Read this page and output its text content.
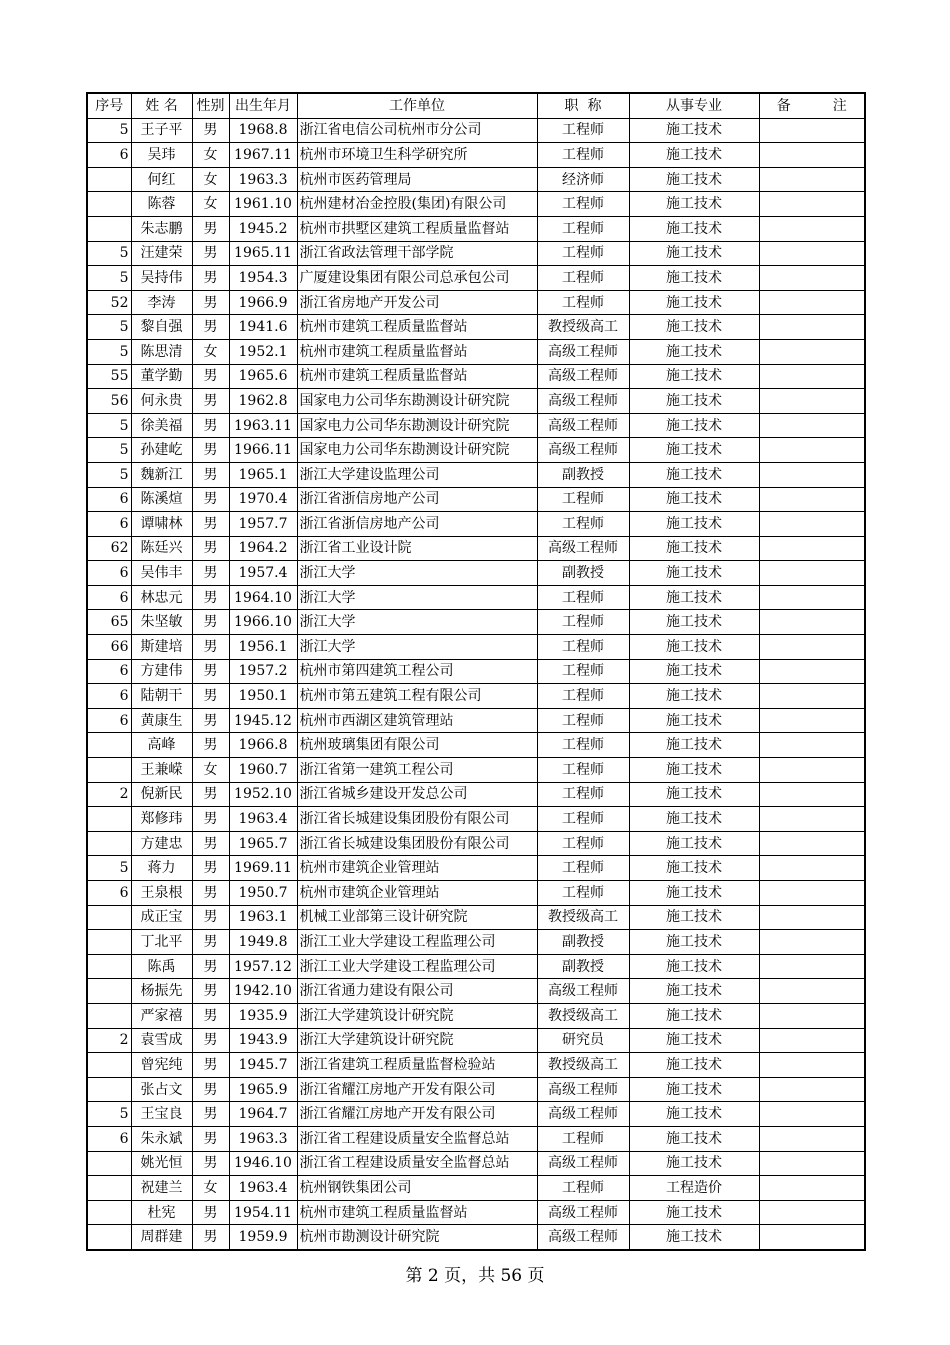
序号	姓 名	性别	出生年月	工作单位	职  称	从事专业	备 注
5	王子平	男	1968.8	浙江省电信公司杭州市分公司	工程师	施工技术	
6	吴玮	女	1967.11	杭州市环境卫生科学研究所	工程师	施工技术	
	何红	女	1963.3	杭州市医药管理局	经济师	施工技术	
	陈蓉	女	1961.10	杭州建材冶金控股(集团)有限公司	工程师	施工技术	
	朱志鹏	男	1945.2	杭州市拱墅区建筑工程质量监督站	工程师	施工技术	
5	汪建荣	男	1965.11	浙江省政法管理干部学院	工程师	施工技术	
5	吴持伟	男	1954.3	广厦建设集团有限公司总承包公司	工程师	施工技术	
52	李涛	男	1966.9	浙江省房地产开发公司	工程师	施工技术	
5	黎自强	男	1941.6	杭州市建筑工程质量监督站	教授级高工	施工技术	
5	陈思清	女	1952.1	杭州市建筑工程质量监督站	高级工程师	施工技术	
55	董学勤	男	1965.6	杭州市建筑工程质量监督站	高级工程师	施工技术	
56	何永贵	男	1962.8	国家电力公司华东勘测设计研究院	高级工程师	施工技术	
5	徐美福	男	1963.11	国家电力公司华东勘测设计研究院	高级工程师	施工技术	
5	孙建屹	男	1966.11	国家电力公司华东勘测设计研究院	高级工程师	施工技术	
5	魏新江	男	1965.1	浙江大学建设监理公司	副教授	施工技术	
6	陈溪煊	男	1970.4	浙江省浙信房地产公司	工程师	施工技术	
6	谭啸林	男	1957.7	浙江省浙信房地产公司	工程师	施工技术	
62	陈廷兴	男	1964.2	浙江省工业设计院	高级工程师	施工技术	
6	吴伟丰	男	1957.4	浙江大学	副教授	施工技术	
6	林忠元	男	1964.10	浙江大学	工程师	施工技术	
65	朱坚敏	男	1966.10	浙江大学	工程师	施工技术	
66	斯建培	男	1956.1	浙江大学	工程师	施工技术	
6	方建伟	男	1957.2	杭州市第四建筑工程公司	工程师	施工技术	
6	陆朝干	男	1950.1	杭州市第五建筑工程有限公司	工程师	施工技术	
6	黄康生	男	1945.12	杭州市西湖区建筑管理站	工程师	施工技术	
	高峰	男	1966.8	杭州玻璃集团有限公司	工程师	施工技术	
	王兼嵘	女	1960.7	浙江省第一建筑工程公司	工程师	施工技术	
2	倪新民	男	1952.10	浙江省城乡建设开发总公司	工程师	施工技术	
	郑修玮	男	1963.4	浙江省长城建设集团股份有限公司	工程师	施工技术	
	方建忠	男	1965.7	浙江省长城建设集团股份有限公司	工程师	施工技术	
5	蒋力	男	1969.11	杭州市建筑企业管理站	工程师	施工技术	
6	王泉根	男	1950.7	杭州市建筑企业管理站	工程师	施工技术	
	成正宝	男	1963.1	机械工业部第三设计研究院	教授级高工	施工技术	
	丁北平	男	1949.8	浙江工业大学建设工程监理公司	副教授	施工技术	
	陈禹	男	1957.12	浙江工业大学建设工程监理公司	副教授	施工技术	
	杨振先	男	1942.10	浙江省通力建设有限公司	高级工程师	施工技术	
	严家禧	男	1935.9	浙江大学建筑设计研究院	教授级高工	施工技术	
2	袁雪成	男	1943.9	浙江大学建筑设计研究院	研究员	施工技术	
	曾宪纯	男	1945.7	浙江省建筑工程质量监督检验站	教授级高工	施工技术	
	张占文	男	1965.9	浙江省耀江房地产开发有限公司	高级工程师	施工技术	
5	王宝良	男	1964.7	浙江省耀江房地产开发有限公司	高级工程师	施工技术	
6	朱永斌	男	1963.3	浙江省工程建设质量安全监督总站	工程师	施工技术	
	姚光恒	男	1946.10	浙江省工程建设质量安全监督总站	高级工程师	施工技术	
	祝建兰	女	1963.4	杭州钢铁集团公司	工程师	工程造价	
	杜宪	男	1954.11	杭州市建筑工程质量监督站	高级工程师	施工技术	
	周群建	男	1959.9	杭州市勘测设计研究院	高级工程师	施工技术	
第 2 页，共 56 页
